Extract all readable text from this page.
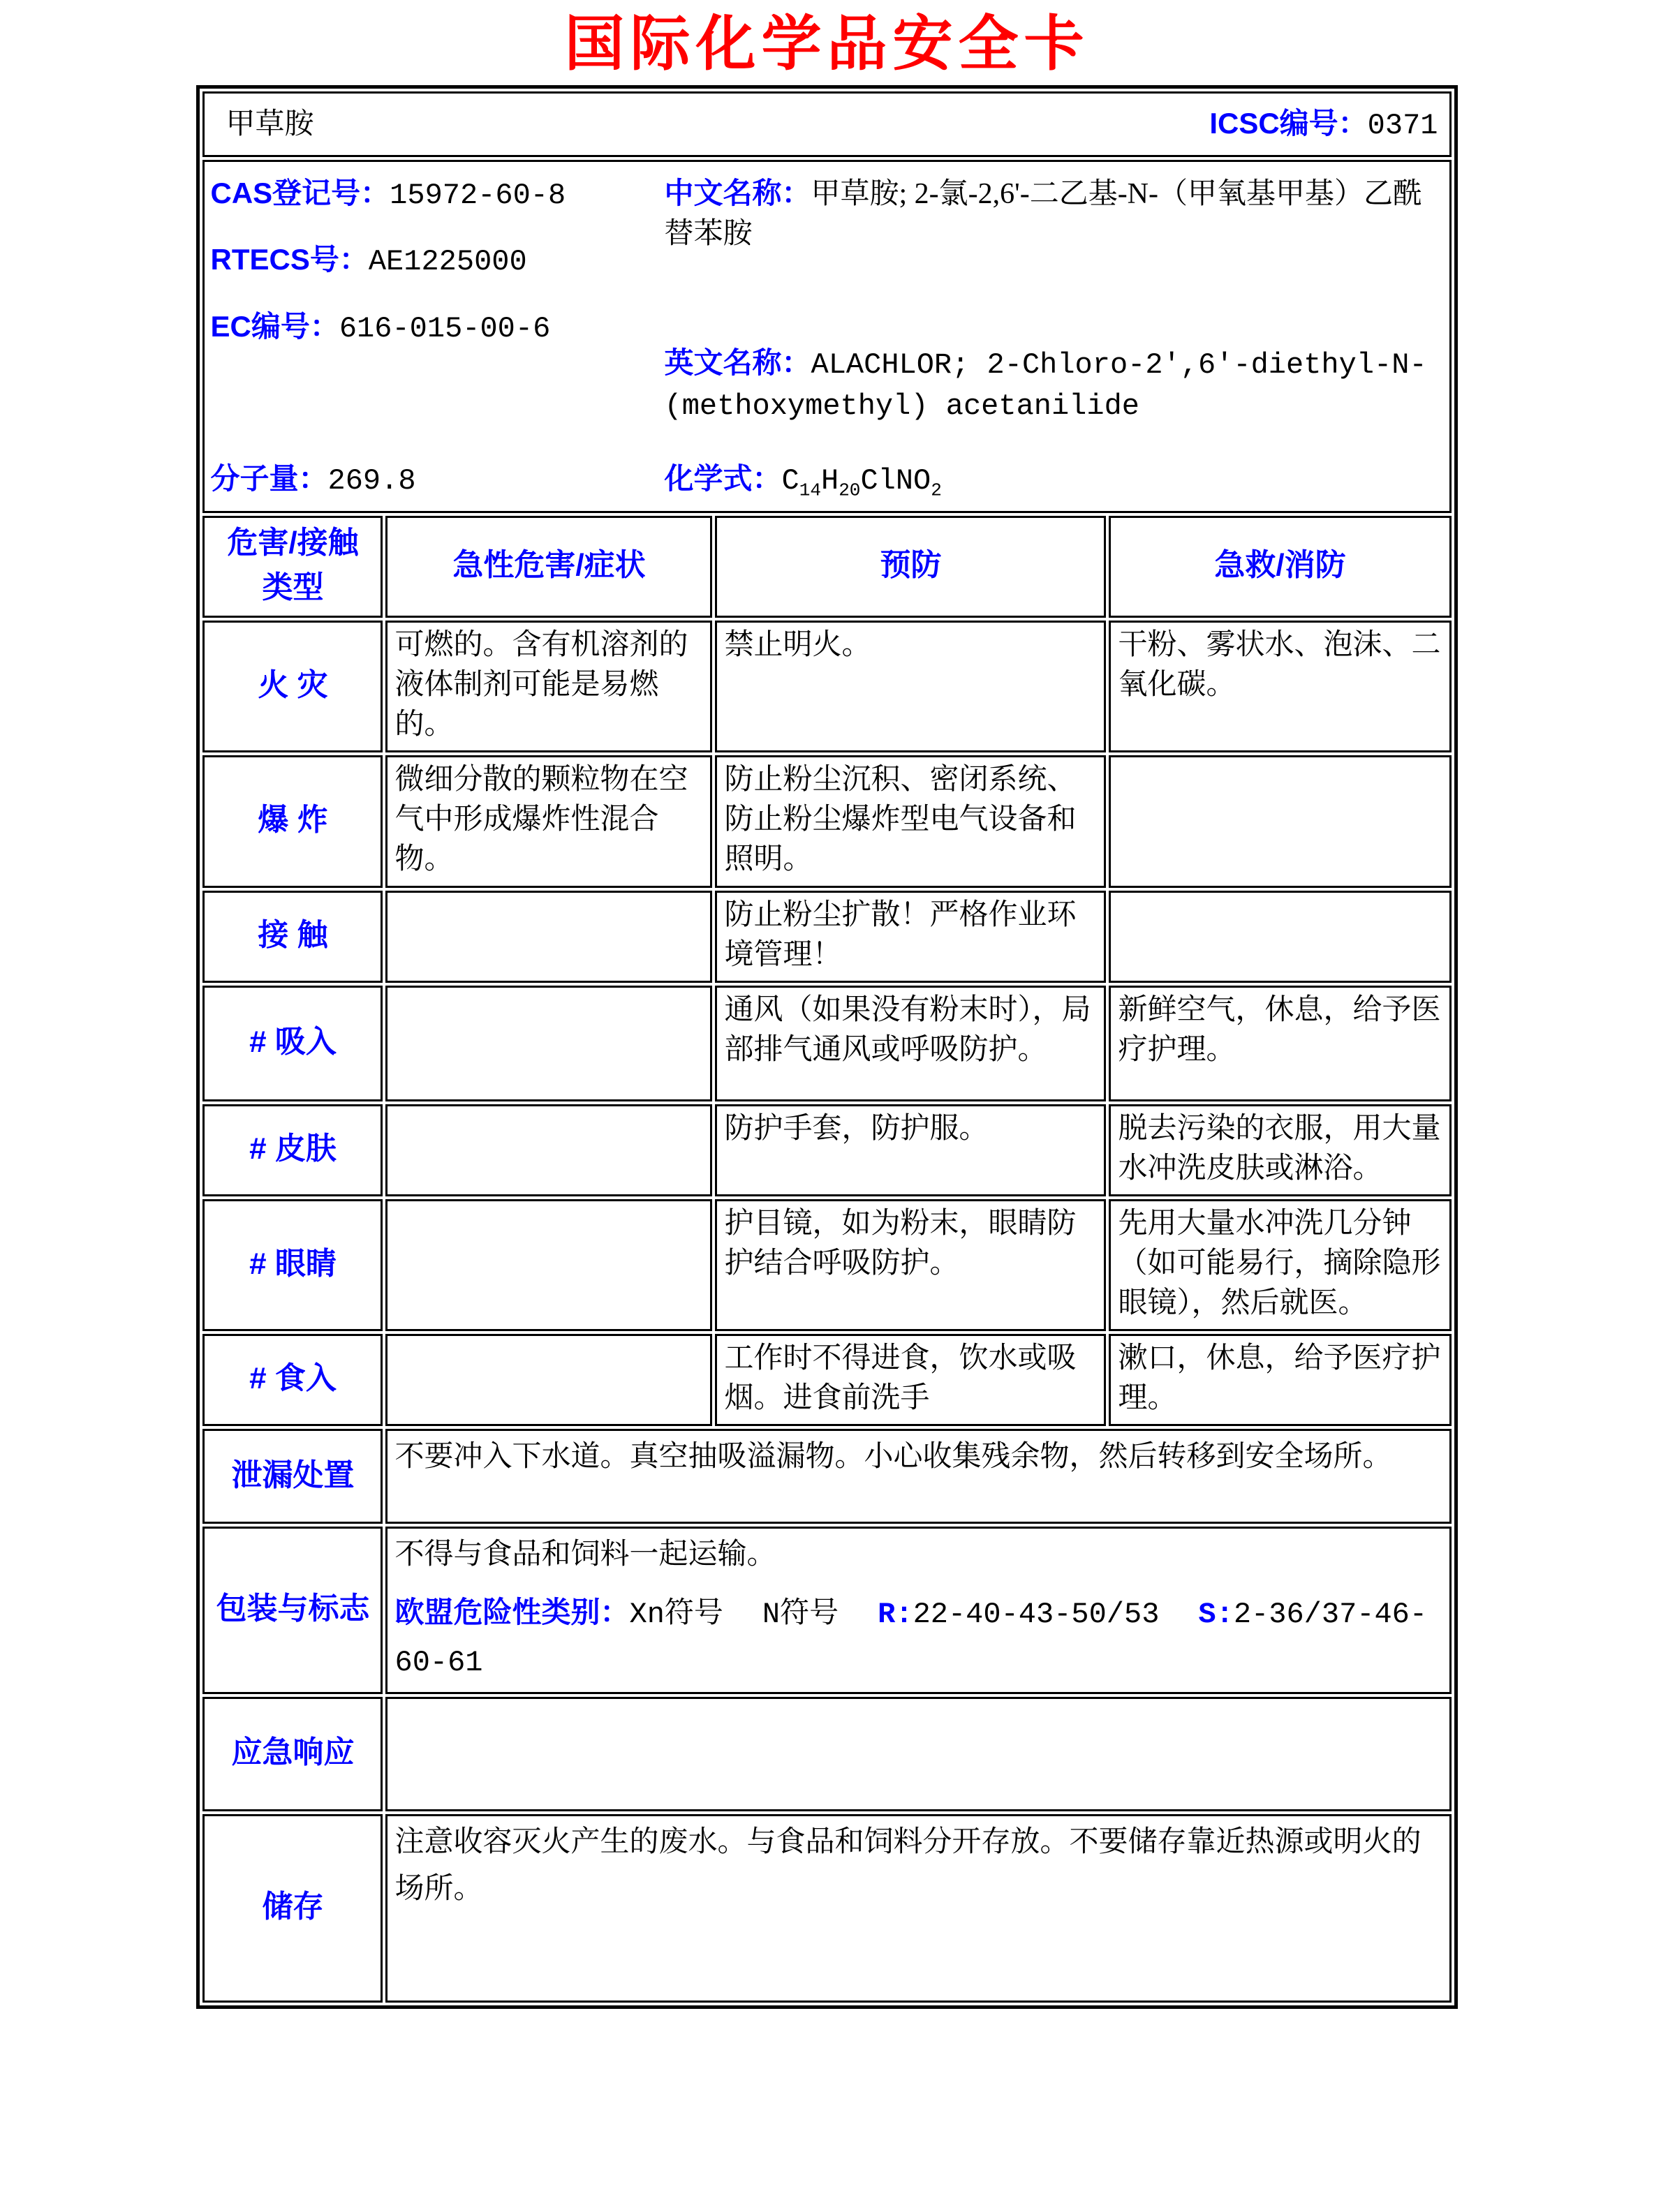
国际化学品安全卡
甲草胺 ICSC编号：0371			

CAS登记号：15972-60-8

RTECS号：AE1225000

EC编号：616-015-00-6

中文名称：甲草胺; 2-氯-2,6'-二乙基-N-（甲氧基甲基）乙酰替苯胺

英文名称：ALACHLOR; 2-Chloro-2',6'-diethyl-N-(methoxymethyl) acetanilide

分子量：269.8	化学式：$C_{14}H_{20}ClNO_2$

危害/接触类型	急性危害/症状	预防	急救/消防
火 灾	可燃的。含有机溶剂的液体制剂可能是易燃的。	禁止明火。	干粉、雾状水、泡沫、二氧化碳。
爆 炸	微细分散的颗粒物在空气中形成爆炸性混合物。	防止粉尘沉积、密闭系统、防止粉尘爆炸型电气设备和照明。	
接 触		防止粉尘扩散！严格作业环境管理！	
# 吸入		通风（如果没有粉末时），局部排气通风或呼吸防护。	新鲜空气，休息，给予医疗护理。
# 皮肤		防护手套，防护服。	脱去污染的衣服，用大量水冲洗皮肤或淋浴。
# 眼睛		护目镜，如为粉末，眼睛防护结合呼吸防护。	先用大量水冲洗几分钟（如可能易行，摘除隐形眼镜），然后就医。
# 食入		工作时不得进食，饮水或吸烟。进食前洗手	漱口，休息，给予医疗护理。
泄漏处置	不要冲入下水道。真空抽吸溢漏物。小心收集残余物，然后转移到安全场所。		
包装与标志	不得与食品和饲料一起运输。

欧盟危险性类别：Xn符号 N符号 R:22-40-43-50/53 S:2-36/37-46-60-61		

应急响应			
储存	注意收容灭火产生的废水。与食品和饲料分开存放。不要储存靠近热源或明火的场所。		
